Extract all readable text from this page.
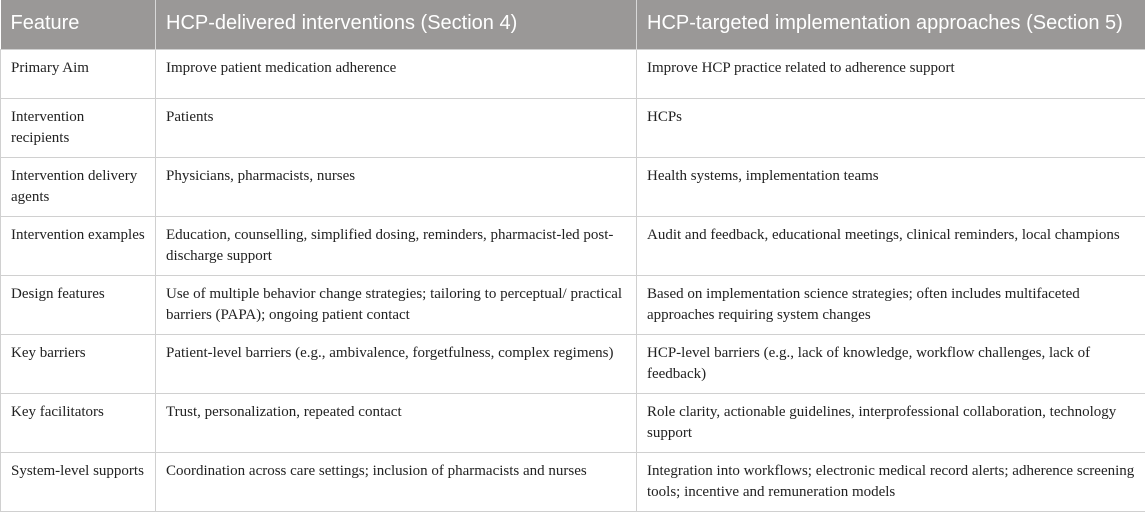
Feature	HCP-delivered interventions (Section 4)	HCP-targeted implementation approaches (Section 5)
Primary Aim	Improve patient medication adherence	Improve HCP practice related to adherence support
Intervention recipients	Patients	HCPs
Intervention delivery agents	Physicians, pharmacists, nurses	Health systems, implementation teams
Intervention examples	Education, counselling, simplified dosing, reminders, pharmacist-led post-discharge support	Audit and feedback, educational meetings, clinical reminders, local champions
Design features	Use of multiple behavior change strategies; tailoring to perceptual/ practical barriers (PAPA); ongoing patient contact	Based on implementation science strategies; often includes multifaceted approaches requiring system changes
Key barriers	Patient-level barriers (e.g., ambivalence, forgetfulness, complex regimens)	HCP-level barriers (e.g., lack of knowledge, workflow challenges, lack of feedback)
Key facilitators	Trust, personalization, repeated contact	Role clarity, actionable guidelines, interprofessional collaboration, technology support
System-level supports	Coordination across care settings; inclusion of pharmacists and nurses	Integration into workflows; electronic medical record alerts; adherence screening tools; incentive and remuneration models
